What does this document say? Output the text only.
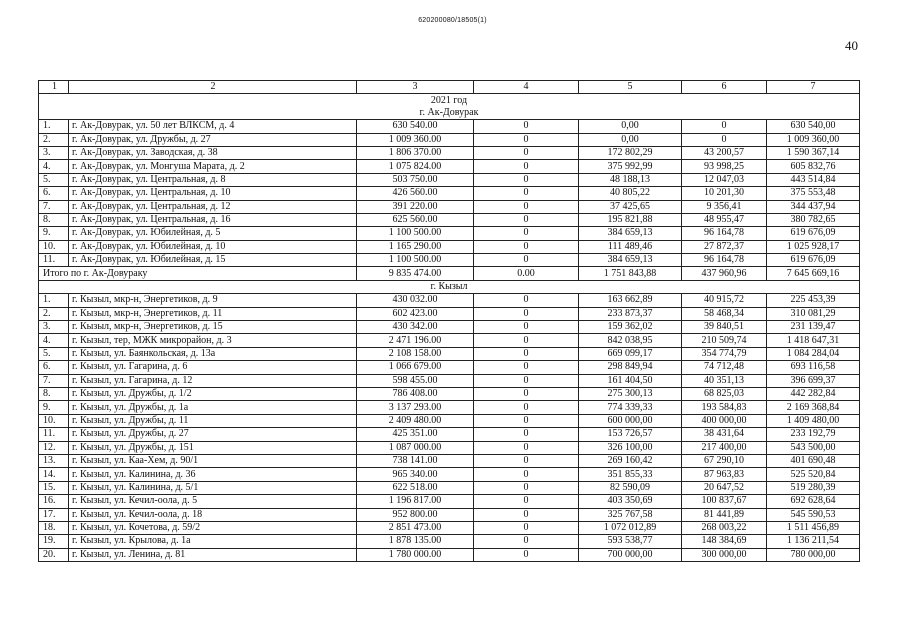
620200080/18505(1)
40
1	2	3	4	5	6	7
2021 год						
г. Ак-Довурак						
1.	г. Ак-Довурак, ул. 50 лет ВЛКСМ, д. 4	630 540.00	0	0,00	0	630 540,00
2.	г. Ак-Довурак, ул. Дружбы, д. 27	1 009 360.00	0	0,00	0	1 009 360,00
3.	г. Ак-Довурак, ул. Заводская, д. 38	1 806 370.00	0	172 802,29	43 200,57	1 590 367,14
4.	г. Ак-Довурак, ул. Монгуша Марата, д. 2	1 075 824.00	0	375 992,99	93 998,25	605 832,76
5.	г. Ак-Довурак, ул. Центральная, д. 8	503 750.00	0	48 188,13	12 047,03	443 514,84
6.	г. Ак-Довурак, ул. Центральная, д. 10	426 560.00	0	40 805,22	10 201,30	375 553,48
7.	г. Ак-Довурак, ул. Центральная, д. 12	391 220.00	0	37 425,65	9 356,41	344 437,94
8.	г. Ак-Довурак, ул. Центральная, д. 16	625 560.00	0	195 821,88	48 955,47	380 782,65
9.	г. Ак-Довурак, ул. Юбилейная, д. 5	1 100 500.00	0	384 659,13	96 164,78	619 676,09
10.	г. Ак-Довурак, ул. Юбилейная, д. 10	1 165 290.00	0	111 489,46	27 872,37	1 025 928,17
11.	г. Ак-Довурак, ул. Юбилейная, д. 15	1 100 500.00	0	384 659,13	96 164,78	619 676,09
Итого по г. Ак-Довураку		9 835 474.00	0.00	1 751 843,88	437 960,96	7 645 669,16
г. Кызыл						
1.	г. Кызыл, мкр-н, Энергетиков, д. 9	430 032.00	0	163 662,89	40 915,72	225 453,39
2.	г. Кызыл, мкр-н, Энергетиков, д. 11	602 423.00	0	233 873,37	58 468,34	310 081,29
3.	г. Кызыл, мкр-н, Энергетиков, д. 15	430 342.00	0	159 362,02	39 840,51	231 139,47
4.	г. Кызыл, тер, МЖК микрорайон, д. 3	2 471 196.00	0	842 038,95	210 509,74	1 418 647,31
5.	г. Кызыл, ул. Баянкольская, д. 13а	2 108 158.00	0	669 099,17	354 774,79	1 084 284,04
6.	г. Кызыл, ул. Гагарина, д. 6	1 066 679.00	0	298 849,94	74 712,48	693 116,58
7.	г. Кызыл, ул. Гагарина, д. 12	598 455.00	0	161 404,50	40 351,13	396 699,37
8.	г. Кызыл, ул. Дружбы, д. 1/2	786 408.00	0	275 300,13	68 825,03	442 282,84
9.	г. Кызыл, ул. Дружбы, д. 1а	3 137 293.00	0	774 339,33	193 584,83	2 169 368,84
10.	г. Кызыл, ул. Дружбы, д. 11	2 409 480.00	0	600 000,00	400 000,00	1 409 480,00
11.	г. Кызыл, ул. Дружбы, д. 27	425 351.00	0	153 726,57	38 431,64	233 192,79
12.	г. Кызыл, ул. Дружбы, д. 151	1 087 000.00	0	326 100,00	217 400,00	543 500,00
13.	г. Кызыл, ул. Каа-Хем, д. 90/1	738 141.00	0	269 160,42	67 290,10	401 690,48
14.	г. Кызыл, ул. Калинина, д. 36	965 340.00	0	351 855,33	87 963,83	525 520,84
15.	г. Кызыл, ул. Калинина, д. 5/1	622 518.00	0	82 590,09	20 647,52	519 280,39
16.	г. Кызыл, ул. Кечил-оола, д. 5	1 196 817.00	0	403 350,69	100 837,67	692 628,64
17.	г. Кызыл, ул. Кечил-оола, д. 18	952 800.00	0	325 767,58	81 441,89	545 590,53
18.	г. Кызыл, ул. Кочетова, д. 59/2	2 851 473.00	0	1 072 012,89	268 003,22	1 511 456,89
19.	г. Кызыл, ул. Крылова, д. 1а	1 878 135.00	0	593 538,77	148 384,69	1 136 211,54
20.	г. Кызыл, ул. Ленина, д. 81	1 780 000.00	0	700 000,00	300 000,00	780 000,00
